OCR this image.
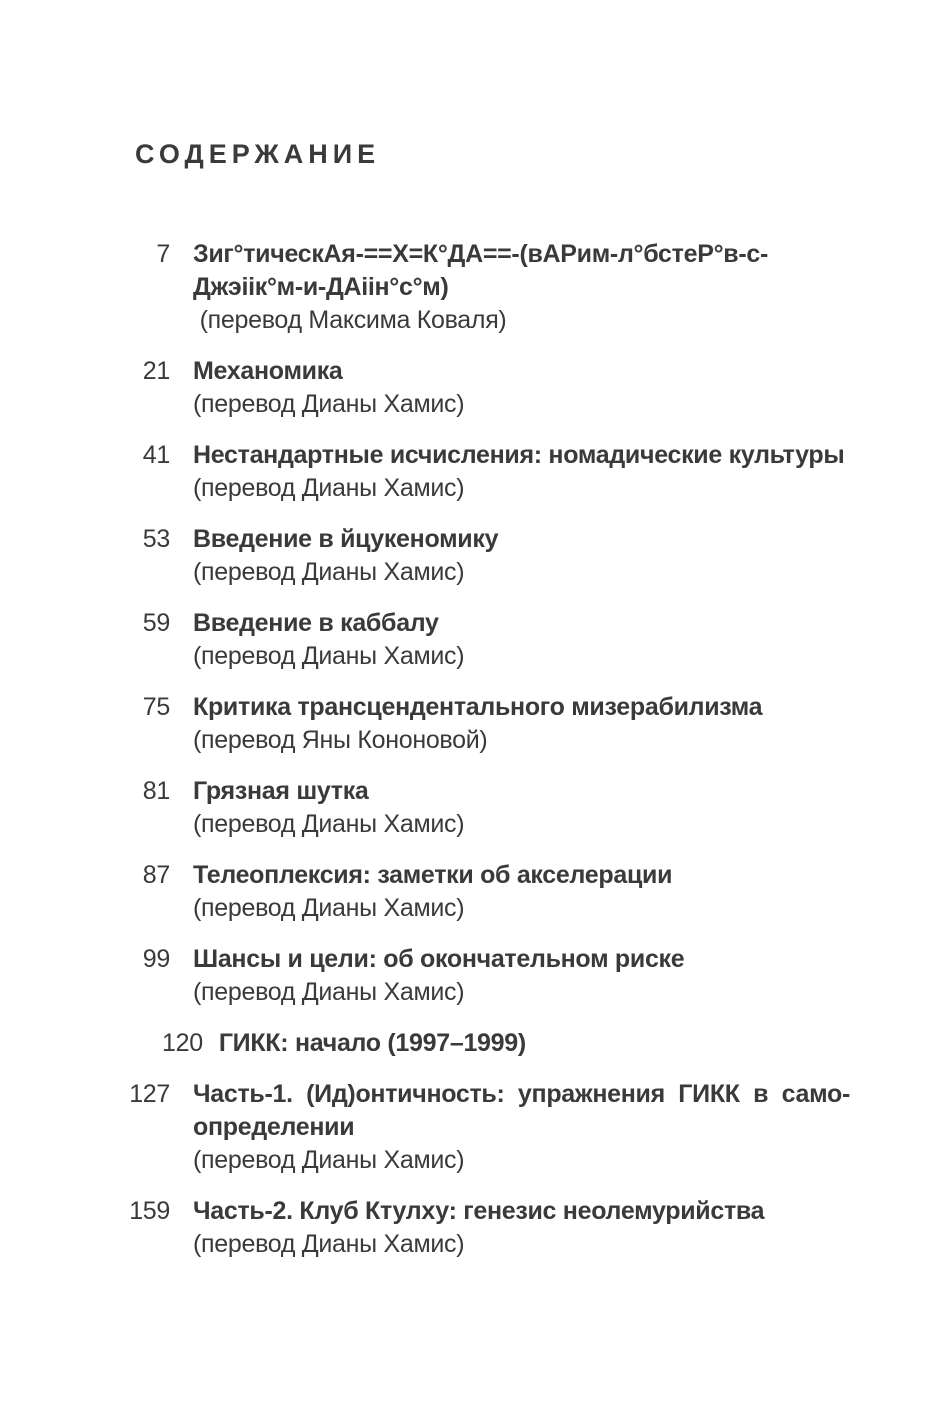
СОДЕРЖАНИЕ
7 Зиг°тическАя-==Х=К°ДА==-(вАРим-л°бстеР°в-с-Джэiiк°м-и-ДАiiн°с°м)
(перевод Максима Коваля)
21 Механомика
(перевод Дианы Хамис)
41 Нестандартные исчисления: номадические культуры
(перевод Дианы Хамис)
53 Введение в йцукеномику
(перевод Дианы Хамис)
59 Введение в каббалу
(перевод Дианы Хамис)
75 Критика трансцендентального мизерабилизма
(перевод Яны Кононовой)
81 Грязная шутка
(перевод Дианы Хамис)
87 Телеоплексия: заметки об акселерации
(перевод Дианы Хамис)
99 Шансы и цели: об окончательном риске
(перевод Дианы Хамис)
120 ГИКК: начало (1997–1999)
127 Часть-1. (Ид)онтичность: упражнения ГИКК в само-определении
(перевод Дианы Хамис)
159 Часть-2. Клуб Ктулху: генезис неолемурийства
(перевод Дианы Хамис)
